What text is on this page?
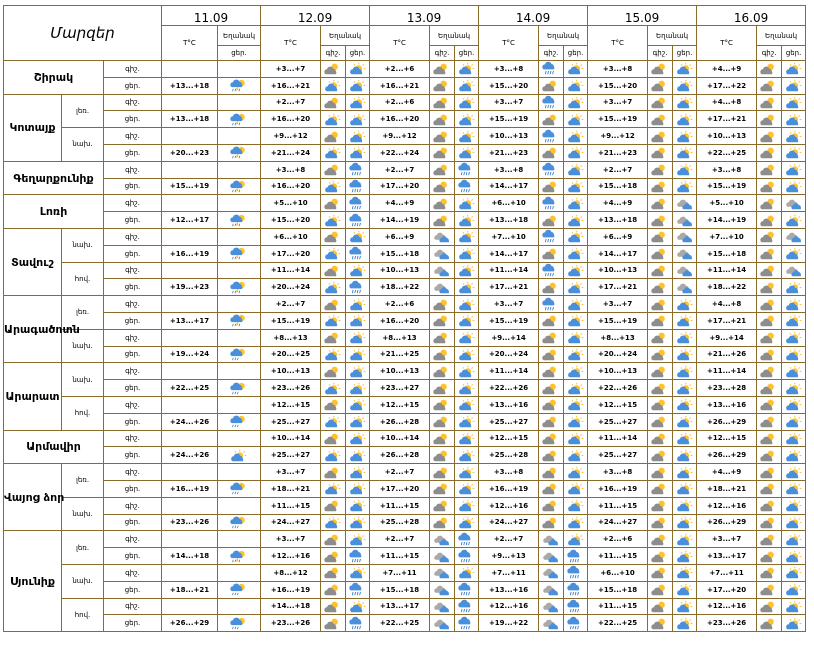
Մարզեր			11.09		12.09			13.09			14.09			15.09			16.09		
			T°C	Եղանակ	T°C	Եղանակ		T°C	Եղանակ		T°C	Եղանակ		T°C	Եղանակ		T°C	Եղանակ	
				ցեր.		գիշ.	ցեր.		գիշ.	ցեր.		գիշ.	ցեր.		գիշ.	ցեր.		գիշ.	ցեր.
Շիրակ		գիշ.			+3...+7			+2...+6			+3...+8			+3...+8			+4...+9	

		ցեր.	+13...+18		+16...+21			+16...+21			+15...+20			+15...+20			+17...+22	

Կոտայք	լեռ.	գիշ.			+2...+7			+2...+6			+3...+7			+3...+7			+4...+8	

		ցեր.	+13...+18		+16...+20			+16...+20			+15...+19			+15...+19			+17...+21	

	նախ.	գիշ.			+9...+12			+9...+12			+10...+13			+9...+12			+10...+13	

		ցեր.	+20...+23		+21...+24			+22...+24			+21...+23			+21...+23			+22...+25	

Գեղարքունիք		գիշ.			+3...+8			+2...+7			+3...+8			+2...+7			+3...+8	

		ցեր.	+15...+19		+16...+20			+17...+20			+14...+17			+15...+18			+15...+19	

Լոռի		գիշ.			+5...+10			+4...+9			+6...+10			+4...+9			+5...+10	

		ցեր.	+12...+17		+15...+20			+14...+19			+13...+18			+13...+18			+14...+19	

Տավուշ	նախ.	գիշ.			+6...+10			+6...+9			+7...+10			+6...+9			+7...+10	

		ցեր.	+16...+19		+17...+20			+15...+18			+14...+17			+14...+17			+15...+18	

	հով.	գիշ.			+11...+14			+10...+13			+11...+14			+10...+13			+11...+14	

		ցեր.	+19...+23		+20...+24			+18...+22			+17...+21			+17...+21			+18...+22	

Արագածոտն	լեռ.	գիշ.			+2...+7			+2...+6			+3...+7			+3...+7			+4...+8	

		ցեր.	+13...+17		+15...+19			+16...+20			+15...+19			+15...+19			+17...+21	

	նախ.	գիշ.			+8...+13			+8...+13			+9...+14			+8...+13			+9...+14	

		ցեր.	+19...+24		+20...+25			+21...+25			+20...+24			+20...+24			+21...+26	

Արարատ	նախ.	գիշ.			+10...+13			+10...+13			+11...+14			+10...+13			+11...+14	

		ցեր.	+22...+25		+23...+26			+23...+27			+22...+26			+22...+26			+23...+28	

	հով.	գիշ.			+12...+15			+12...+15			+13...+16			+12...+15			+13...+16	

		ցեր.	+24...+26		+25...+27			+26...+28			+25...+27			+25...+27			+26...+29	

Արմավիր		գիշ.			+10...+14			+10...+14			+12...+15			+11...+14			+12...+15	

		ցեր.	+24...+26		+25...+27			+26...+28			+25...+28			+25...+27			+26...+29	

Վայոց ձոր	լեռ.	գիշ.			+3...+7			+2...+7			+3...+8			+3...+8			+4...+9	

		ցեր.	+16...+19		+18...+21			+17...+20			+16...+19			+16...+19			+18...+21	

	նախ.	գիշ.			+11...+15			+11...+15			+12...+16			+11...+15			+12...+16	

		ցեր.	+23...+26		+24...+27			+25...+28			+24...+27			+24...+27			+26...+29	

Սյունիք	լեռ.	գիշ.			+3...+7			+2...+7			+2...+7			+2...+6			+3...+7	

		ցեր.	+14...+18		+12...+16			+11...+15			+9...+13			+11...+15			+13...+17	

	նախ.	գիշ.			+8...+12			+7...+11			+7...+11			+6...+10			+7...+11	

		ցեր.	+18...+21		+16...+19			+15...+18			+13...+16			+15...+18			+17...+20	

	հով.	գիշ.			+14...+18			+13...+17			+12...+16			+11...+15			+12...+16	

		ցեր.	+26...+29		+23...+26			+22...+25			+19...+22			+22...+25			+23...+26	
